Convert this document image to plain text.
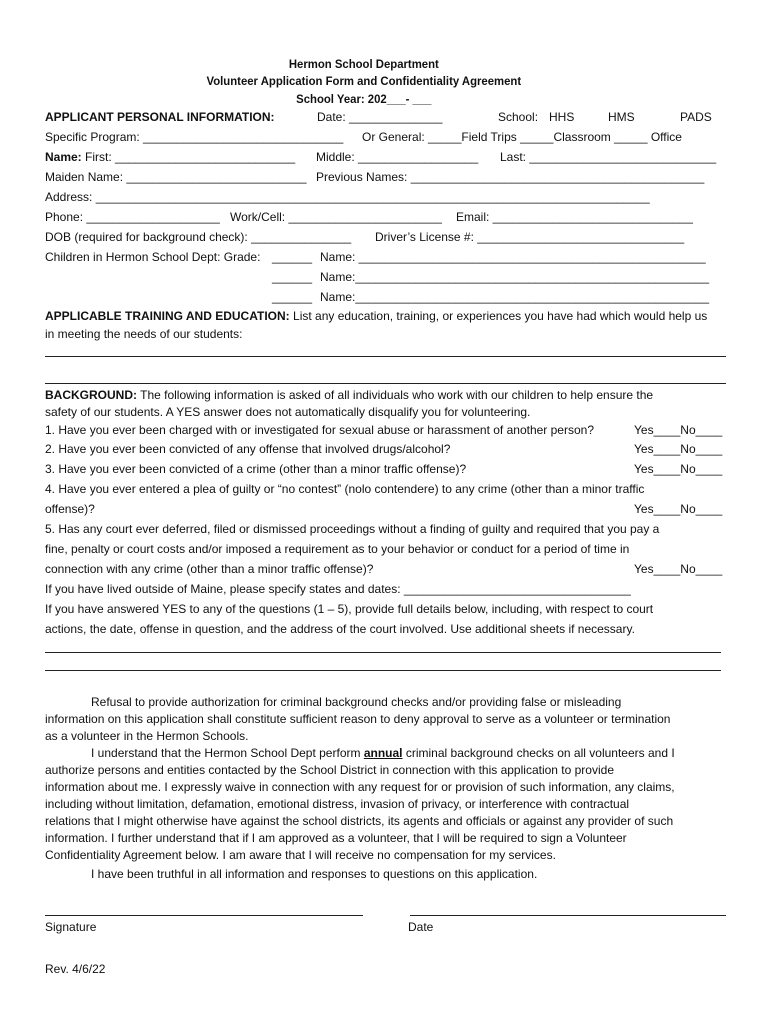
Hermon School Department
Volunteer Application Form and Confidentiality Agreement
School Year: 202___- ___
APPLICANT PERSONAL INFORMATION:	Date: ______________	School: HHS	HMS	PADS
Specific Program: ______________________________ Or General: _____Field Trips _____Classroom _____ Office
Name: First: ___________________________ Middle: __________________ Last: ____________________________
Maiden Name: ___________________________ Previous Names: ____________________________________________
Address: ___________________________________________________________________________________
Phone: ____________________ Work/Cell: _______________________ Email: ______________________________
DOB (required for background check): _______________ Driver’s License #: _______________________________
Children in Hermon School Dept: Grade: ______ Name: ____________________________________________________
______ Name:_____________________________________________________
______ Name:_____________________________________________________
APPLICABLE TRAINING AND EDUCATION: List any education, training, or experiences you have had which would help us
in meeting the needs of our students:
BACKGROUND: The following information is asked of all individuals who work with our children to help ensure the
safety of our students. A YES answer does not automatically disqualify you for volunteering.
1. Have you ever been charged with or investigated for sexual abuse or harassment of another person?	Yes____No____
2. Have you ever been convicted of any offense that involved drugs/alcohol?	Yes____No____
3. Have you ever been convicted of a crime (other than a minor traffic offense)?	Yes____No____
4. Have you ever entered a plea of guilty or “no contest” (nolo contendere) to any crime (other than a minor traffic
offense)?	Yes____No____
5. Has any court ever deferred, filed or dismissed proceedings without a finding of guilty and required that you pay a
fine, penalty or court costs and/or imposed a requirement as to your behavior or conduct for a period of time in
connection with any crime (other than a minor traffic offense)?	Yes____No____
If you have lived outside of Maine, please specify states and dates: __________________________________
If you have answered YES to any of the questions (1 – 5), provide full details below, including, with respect to court
actions, the date, offense in question, and the address of the court involved. Use additional sheets if necessary.
Refusal to provide authorization for criminal background checks and/or providing false or misleading
information on this application shall constitute sufficient reason to deny approval to serve as a volunteer or termination
as a volunteer in the Hermon Schools.
I understand that the Hermon School Dept perform annual criminal background checks on all volunteers and I
authorize persons and entities contacted by the School District in connection with this application to provide
information about me. I expressly waive in connection with any request for or provision of such information, any claims,
including without limitation, defamation, emotional distress, invasion of privacy, or interference with contractual
relations that I might otherwise have against the school districts, its agents and officials or against any provider of such
information. I further understand that if I am approved as a volunteer, that I will be required to sign a Volunteer
Confidentiality Agreement below. I am aware that I will receive no compensation for my services.
I have been truthful in all information and responses to questions on this application.
Signature	Date
Rev. 4/6/22
